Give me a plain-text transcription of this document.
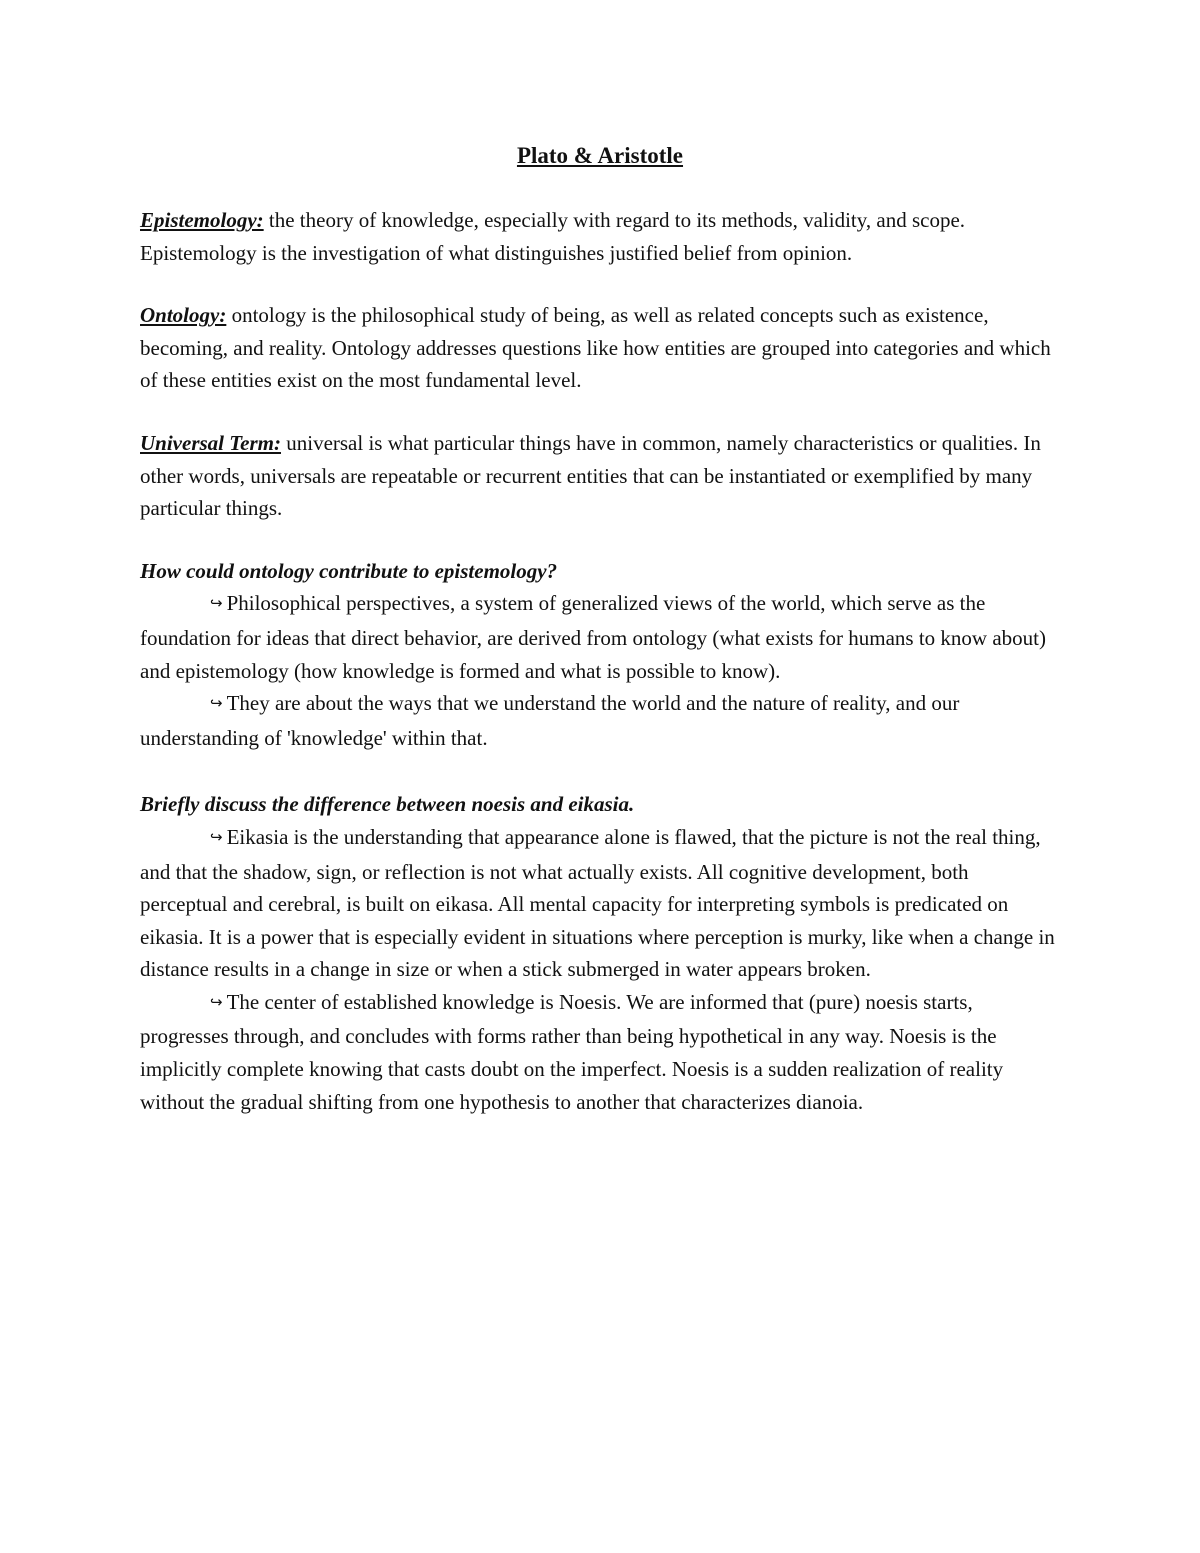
Plato & Aristotle

Epistemology: the theory of knowledge, especially with regard to its methods, validity, and scope. Epistemology is the investigation of what distinguishes justified belief from opinion.

Ontology: ontology is the philosophical study of being, as well as related concepts such as existence, becoming, and reality. Ontology addresses questions like how entities are grouped into categories and which of these entities exist on the most fundamental level.

Universal Term: universal is what particular things have in common, namely characteristics or qualities. In other words, universals are repeatable or recurrent entities that can be instantiated or exemplified by many particular things.

How could ontology contribute to epistemology?

↪ Philosophical perspectives, a system of generalized views of the world, which serve as the foundation for ideas that direct behavior, are derived from ontology (what exists for humans to know about) and epistemology (how knowledge is formed and what is possible to know).

↪ They are about the ways that we understand the world and the nature of reality, and our understanding of 'knowledge' within that.

Briefly discuss the difference between noesis and eikasia.

↪ Eikasia is the understanding that appearance alone is flawed, that the picture is not the real thing, and that the shadow, sign, or reflection is not what actually exists. All cognitive development, both perceptual and cerebral, is built on eikasa. All mental capacity for interpreting symbols is predicated on eikasia. It is a power that is especially evident in situations where perception is murky, like when a change in distance results in a change in size or when a stick submerged in water appears broken.

↪ The center of established knowledge is Noesis. We are informed that (pure) noesis starts, progresses through, and concludes with forms rather than being hypothetical in any way. Noesis is the implicitly complete knowing that casts doubt on the imperfect. Noesis is a sudden realization of reality without the gradual shifting from one hypothesis to another that characterizes dianoia.
